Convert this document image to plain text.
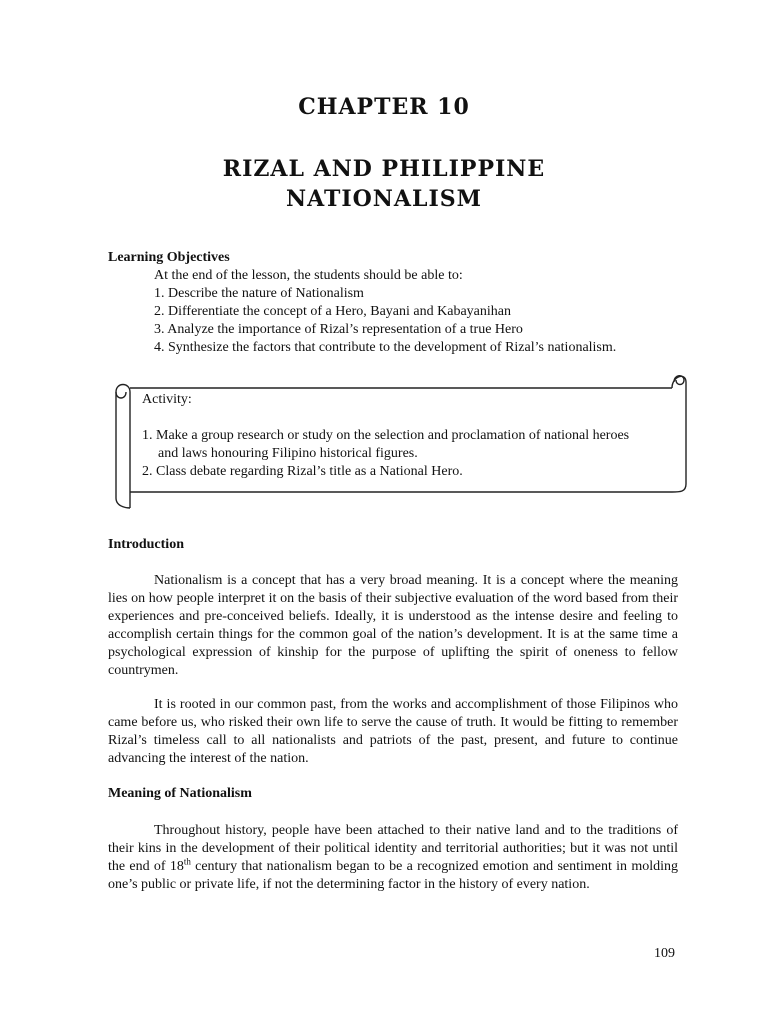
CHAPTER 10
RIZAL AND PHILIPPINE
NATIONALISM
Learning Objectives
At the end of the lesson, the students should be able to:
1. Describe the nature of Nationalism
2. Differentiate the concept of a Hero, Bayani and Kabayanihan
3. Analyze the importance of Rizal’s representation of a true Hero
4. Synthesize the factors that contribute to the development of Rizal’s nationalism.
Activity:
1. Make a group research or study on the selection and proclamation of national heroes
and laws honouring Filipino historical figures.
2. Class debate regarding Rizal’s title as a National Hero.
Introduction

Nationalism is a concept that has a very broad meaning. It is a concept where the meaning lies on how people interpret it on the basis of their subjective evaluation of the word based from their experiences and pre-conceived beliefs. Ideally, it is understood as the intense desire and feeling to accomplish certain things for the common goal of the nation’s development. It is at the same time a psychological expression of kinship for the purpose of uplifting the spirit of oneness to fellow countrymen.

It is rooted in our common past, from the works and accomplishment of those Filipinos who came before us, who risked their own life to serve the cause of truth. It would be fitting to remember Rizal’s timeless call to all nationalists and patriots of the past, present, and future to continue advancing the interest of the nation.

Meaning of Nationalism

Throughout history, people have been attached to their native land and to the traditions of their kins in the development of their political identity and territorial authorities; but it was not until the end of 18th century that nationalism began to be a recognized emotion and sentiment in molding one’s public or private life, if not the determining factor in the history of every nation.

109
